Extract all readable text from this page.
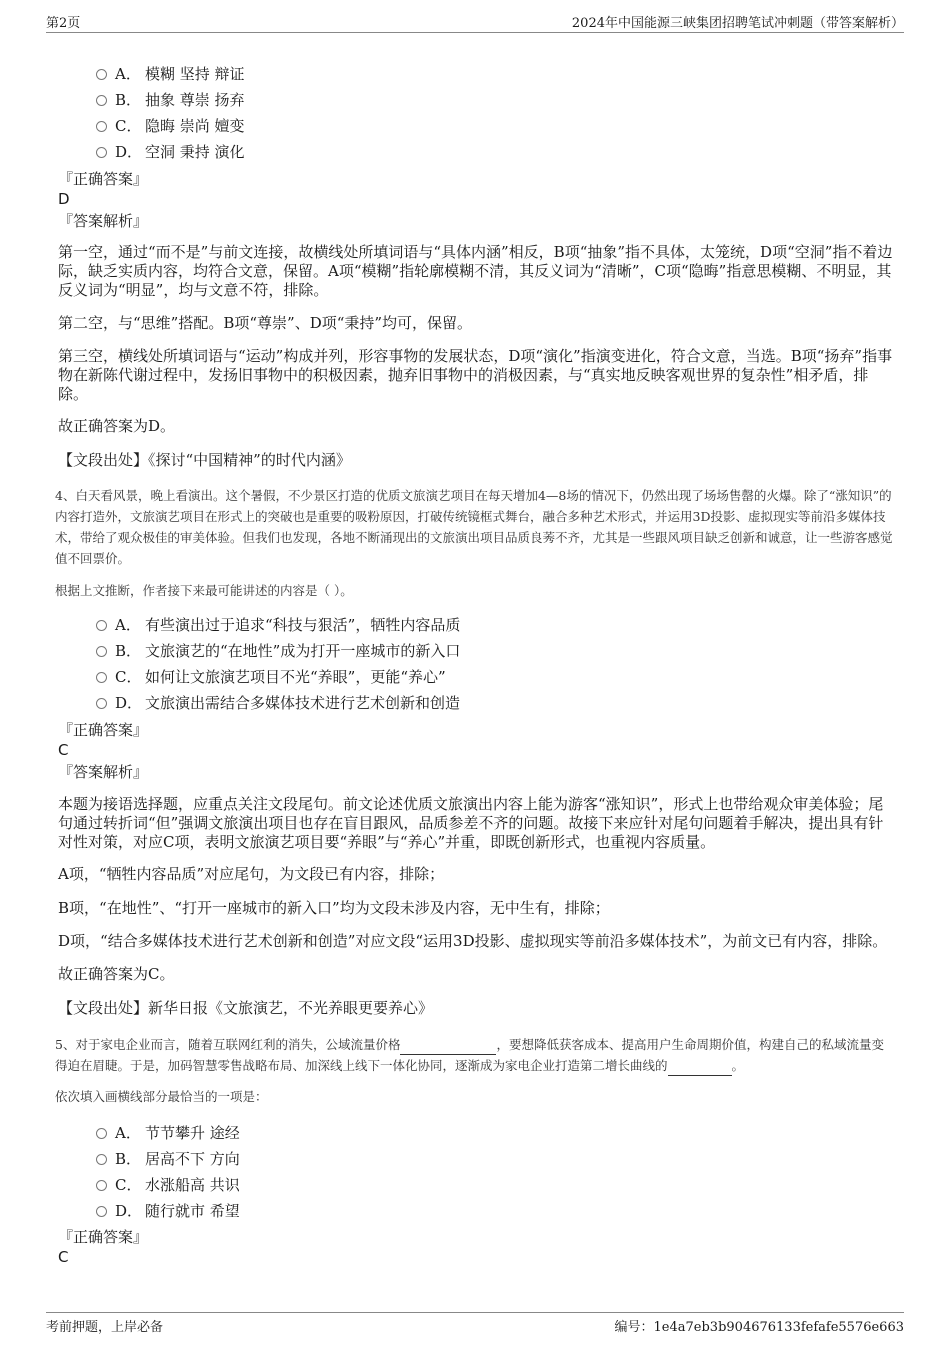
第2页	2024年中国能源三峡集团招聘笔试冲刺题（带答案解析）
A． 模糊 坚持 辩证
B． 抽象 尊崇 扬弃
C． 隐晦 崇尚 嬗变
D． 空洞 秉持 演化
『正确答案』
D
『答案解析』
第一空，通过“而不是”与前文连接，故横线处所填词语与“具体内涵”相反，B项“抽象”指不具体，太笼统，D项“空洞”指不着边际，缺乏实质内容，均符合文意，保留。A项“模糊”指轮廓模糊不清，其反义词为“清晰”，C项“隐晦”指意思模糊、不明显，其反义词为“明显”，均与文意不符，排除。
第二空，与“思维”搭配。B项“尊崇”、D项“秉持”均可，保留。
第三空，横线处所填词语与“运动”构成并列，形容事物的发展状态，D项“演化”指演变进化，符合文意，当选。B项“扬弃”指事物在新陈代谢过程中，发扬旧事物中的积极因素，抛弃旧事物中的消极因素，与“真实地反映客观世界的复杂性”相矛盾，排除。
故正确答案为D。
【文段出处】《探讨“中国精神”的时代内涵》
4、白天看风景，晚上看演出。这个暑假，不少景区打造的优质文旅演艺项目在每天增加4—8场的情况下，仍然出现了场场售罄的火爆。除了“涨知识”的内容打造外，文旅演艺项目在形式上的突破也是重要的吸粉原因，打破传统镜框式舞台，融合多种艺术形式，并运用3D投影、虚拟现实等前沿多媒体技术，带给了观众极佳的审美体验。但我们也发现，各地不断涌现出的文旅演出项目品质良莠不齐，尤其是一些跟风项目缺乏创新和诚意，让一些游客感觉值不回票价。
根据上文推断，作者接下来最可能讲述的内容是（ ）。
A． 有些演出过于追求“科技与狠活”，牺牲内容品质
B． 文旅演艺的“在地性”成为打开一座城市的新入口
C． 如何让文旅演艺项目不光“养眼”，更能“养心”
D． 文旅演出需结合多媒体技术进行艺术创新和创造
『正确答案』
C
『答案解析』
本题为接语选择题，应重点关注文段尾句。前文论述优质文旅演出内容上能为游客“涨知识”，形式上也带给观众审美体验；尾句通过转折词“但”强调文旅演出项目也存在盲目跟风，品质参差不齐的问题。故接下来应针对尾句问题着手解决，提出具有针对性对策，对应C项，表明文旅演艺项目要“养眼”与“养心”并重，即既创新形式，也重视内容质量。
A项，“牺牲内容品质”对应尾句，为文段已有内容，排除；
B项，“在地性”、“打开一座城市的新入口”均为文段未涉及内容，无中生有，排除；
D项，“结合多媒体技术进行艺术创新和创造”对应文段“运用3D投影、虚拟现实等前沿多媒体技术”，为前文已有内容，排除。
故正确答案为C。
【文段出处】新华日报《文旅演艺，不光养眼更要养心》
5、对于家电企业而言，随着互联网红利的消失，公域流量价格	，要想降低获客成本、提高用户生命周期价值，构建自己的私域流量变得迫在眉睫。于是，加码智慧零售战略布局、加深线上线下一体化协同，逐渐成为家电企业打造第二增长曲线的	。
依次填入画横线部分最恰当的一项是：
A． 节节攀升 途经
B． 居高不下 方向
C． 水涨船高 共识
D． 随行就市 希望
『正确答案』
C
考前押题，上岸必备	编号：1e4a7eb3b904676133fefafe5576e663
